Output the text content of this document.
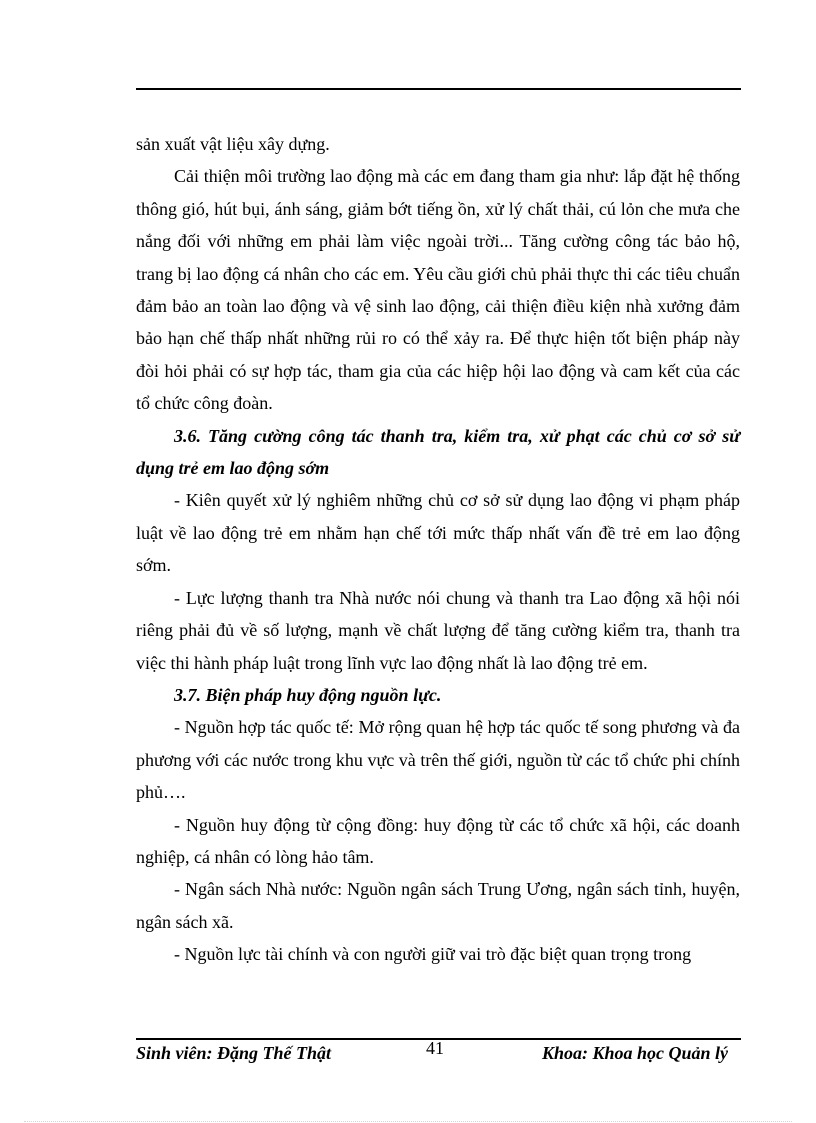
sản xuất vật liệu xây dựng.

Cải thiện môi trường lao động mà các em đang tham gia như: lắp đặt hệ thống thông gió, hút bụi, ánh sáng, giảm bớt tiếng ồn, xử lý chất thải, cú lỏn che mưa che nắng đối với những em phải làm việc ngoài trời... Tăng cường công tác bảo hộ, trang bị lao động cá nhân cho các em. Yêu cầu giới chủ phải thực thi các tiêu chuẩn đảm bảo an toàn lao động và vệ sinh lao động, cải thiện điều kiện nhà xưởng đảm bảo hạn chế thấp nhất những rủi ro có thể xảy ra. Để thực hiện tốt biện pháp này đòi hỏi phải có sự hợp tác, tham gia của các hiệp hội lao động và cam kết của các tổ chức công đoàn.

3.6. Tăng cường công tác thanh tra, kiểm tra, xử phạt các chủ cơ sở sử dụng trẻ em lao động sớm

- Kiên quyết xử lý nghiêm những chủ cơ sở sử dụng lao động vi phạm pháp luật về lao động trẻ em nhằm hạn chế tới mức thấp nhất vấn đề trẻ em lao động sớm.

- Lực lượng thanh tra Nhà nước nói chung và thanh tra Lao động xã hội nói riêng phải đủ về số lượng, mạnh về chất lượng để tăng cường kiểm tra, thanh tra việc thi hành pháp luật trong lĩnh vực lao động nhất là lao động trẻ em.

3.7. Biện pháp huy động nguồn lực.

- Nguồn hợp tác quốc tế: Mở rộng quan hệ hợp tác quốc tế song phương và đa phương với các nước trong khu vực và trên thế giới, nguồn từ các tổ chức phi chính phủ….

- Nguồn huy động từ cộng đồng: huy động từ các tổ chức xã hội, các doanh nghiệp, cá nhân có lòng hảo tâm.

- Ngân sách Nhà nước: Nguồn ngân sách Trung Ương, ngân sách tỉnh, huyện, ngân sách xã.

- Nguồn lực tài chính và con người giữ vai trò đặc biệt quan trọng trong

Sinh viên: Đặng Thế Thật	41	Khoa: Khoa học Quản lý
